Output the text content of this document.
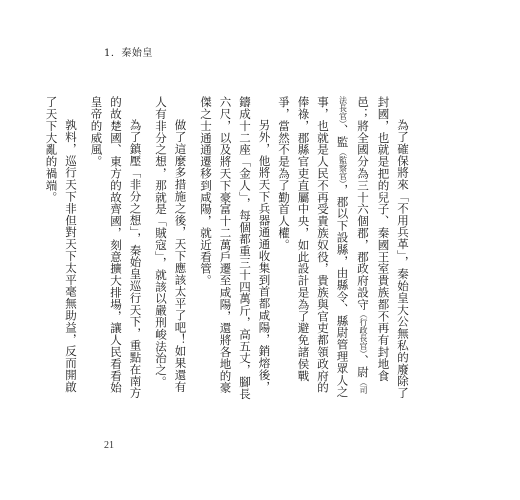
1．秦始皇

為了確保將來「不用兵革」，秦始皇大公無私的廢除了封國，也就是把的兒子、秦國王室貴族都不再有封地食邑；將全國分為三十六個郡，郡政府設守（行政長官）、尉（司法長官）、監（監察官），郡以下設縣，由縣令、縣尉管理眾人之事，也就是人民不再受貴族奴役，貴族與官吏都領政府的俸祿，郡縣官吏直屬中央，如此設計是為了避免諸侯戰爭，當然不是為了勤首人權。

另外，他將天下兵器通通收集到首都咸陽，銷熔後，鑄成十二座「金人」，每個都重三十四萬斤，高五丈，腳長六尺，以及將天下豪富十二萬戶遷至咸陽，還將各地的豪傑之士通通遷移到咸陽，就近看管。

做了這麼多措施之後，天下應該太平了吧！如果還有人有非分之想，那就是「賊寇」，就該以嚴刑峻法治之。

為了鎮壓「非分之想」，秦始皇巡行天下，重點在南方的故楚國、東方的故齊國，刻意擴大排場，讓人民看看始皇帝的威風。

孰料，巡行天下非但對天下太平毫無助益，反而開啟了天下大亂的禍端。

21
